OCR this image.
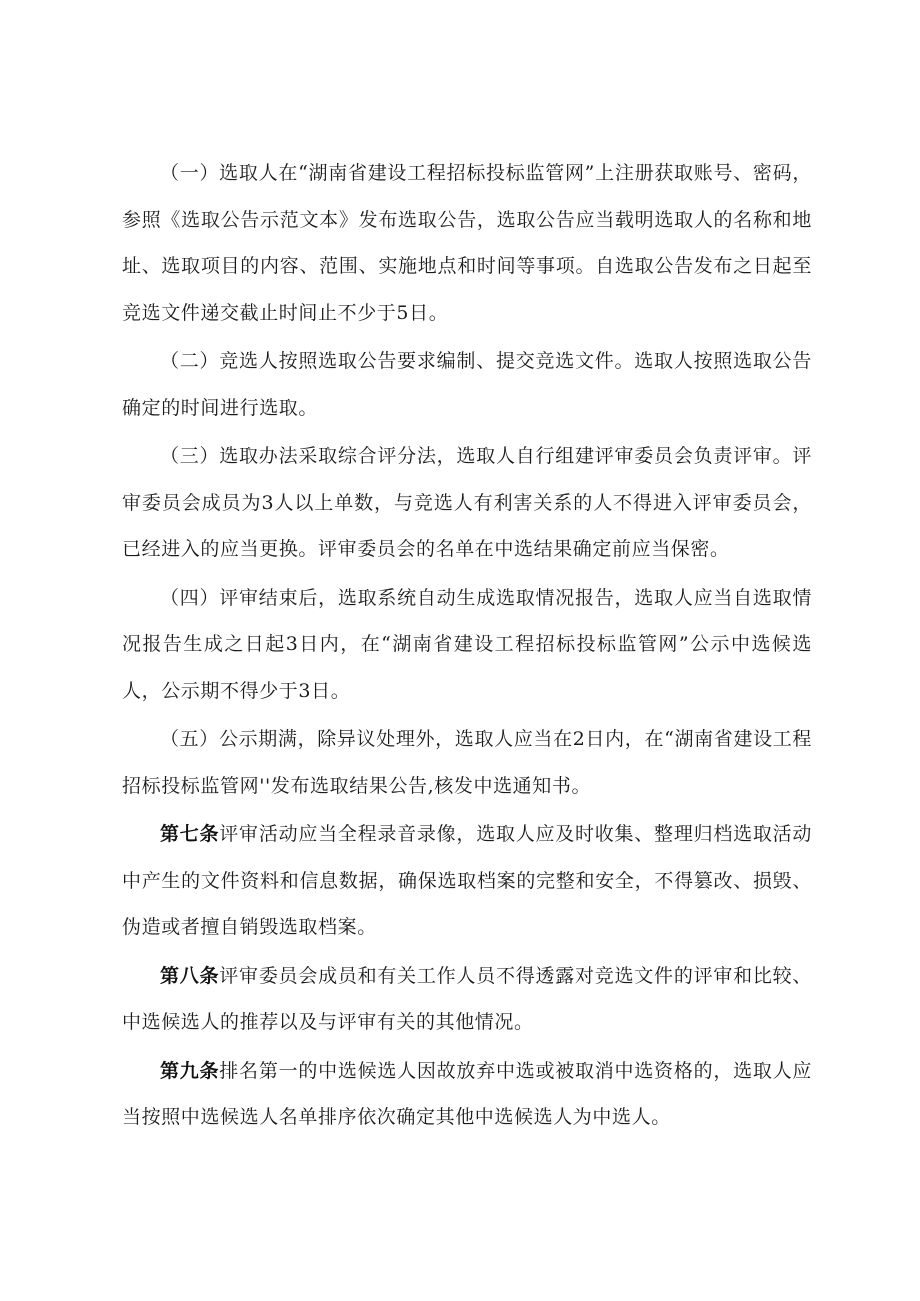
（一）选取人在“湖南省建设工程招标投标监管网”上注册获取账号、密码，参照《选取公告示范文本》发布选取公告，选取公告应当载明选取人的名称和地址、选取项目的内容、范围、实施地点和时间等事项。自选取公告发布之日起至竞选文件递交截止时间止不少于5日。

（二）竞选人按照选取公告要求编制、提交竞选文件。选取人按照选取公告确定的时间进行选取。

（三）选取办法采取综合评分法，选取人自行组建评审委员会负责评审。评审委员会成员为3人以上单数，与竞选人有利害关系的人不得进入评审委员会，已经进入的应当更换。评审委员会的名单在中选结果确定前应当保密。

（四）评审结束后，选取系统自动生成选取情况报告，选取人应当自选取情况报告生成之日起3日内，在“湖南省建设工程招标投标监管网”公示中选候选人，公示期不得少于3日。

（五）公示期满，除异议处理外，选取人应当在2日内，在“湖南省建设工程招标投标监管网''发布选取结果公告,核发中选通知书。

第七条评审活动应当全程录音录像，选取人应及时收集、整理归档选取活动中产生的文件资料和信息数据，确保选取档案的完整和安全，不得篡改、损毁、伪造或者擅自销毁选取档案。

第八条评审委员会成员和有关工作人员不得透露对竞选文件的评审和比较、中选候选人的推荐以及与评审有关的其他情况。

第九条排名第一的中选候选人因故放弃中选或被取消中选资格的，选取人应当按照中选候选人名单排序依次确定其他中选候选人为中选人。
